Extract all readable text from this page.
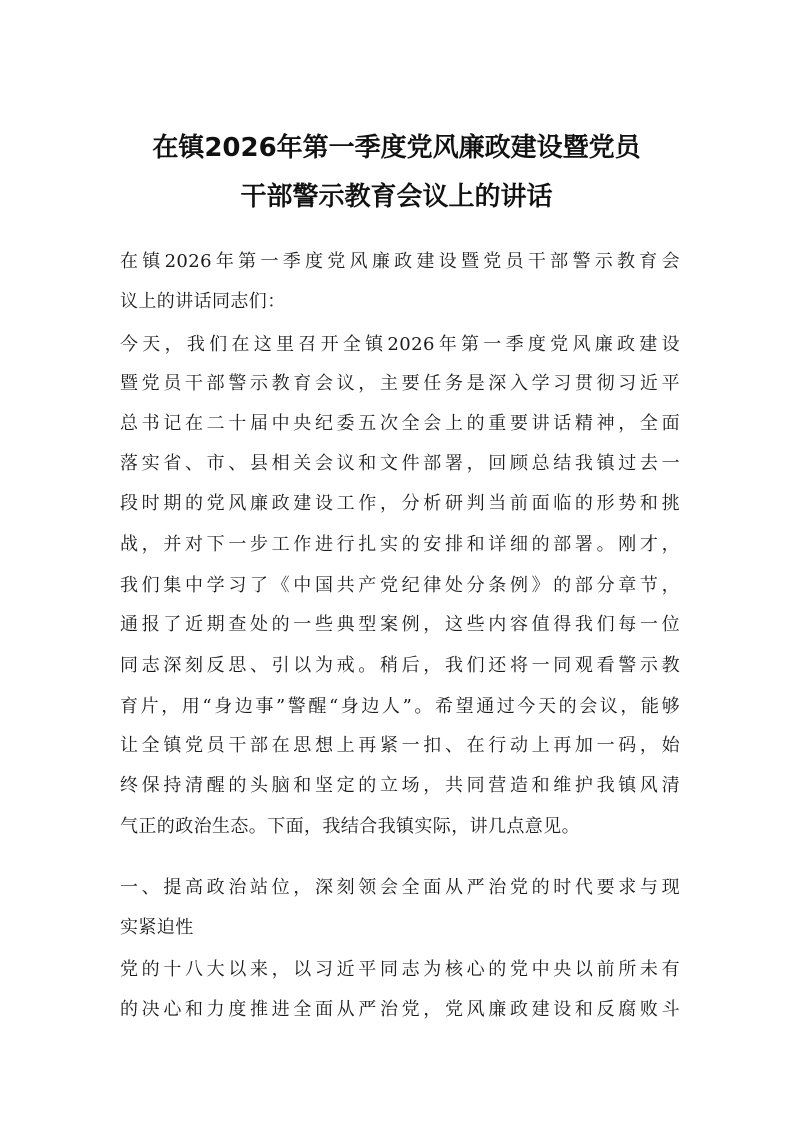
在镇2026年第一季度党风廉政建设暨党员
干部警示教育会议上的讲话
在镇2026年第一季度党风廉政建设暨党员干部警示教育会
议上的讲话同志们：
今天，我们在这里召开全镇2026年第一季度党风廉政建设
暨党员干部警示教育会议，主要任务是深入学习贯彻习近平
总书记在二十届中央纪委五次全会上的重要讲话精神，全面
落实省、市、县相关会议和文件部署，回顾总结我镇过去一
段时期的党风廉政建设工作，分析研判当前面临的形势和挑
战，并对下一步工作进行扎实的安排和详细的部署。刚才，
我们集中学习了《中国共产党纪律处分条例》的部分章节，
通报了近期查处的一些典型案例，这些内容值得我们每一位
同志深刻反思、引以为戒。稍后，我们还将一同观看警示教
育片，用“身边事”警醒“身边人”。希望通过今天的会议，能够
让全镇党员干部在思想上再紧一扣、在行动上再加一码，始
终保持清醒的头脑和坚定的立场，共同营造和维护我镇风清
气正的政治生态。下面，我结合我镇实际，讲几点意见。
一、提高政治站位，深刻领会全面从严治党的时代要求与现
实紧迫性
党的十八大以来，以习近平同志为核心的党中央以前所未有
的决心和力度推进全面从严治党，党风廉政建设和反腐败斗
